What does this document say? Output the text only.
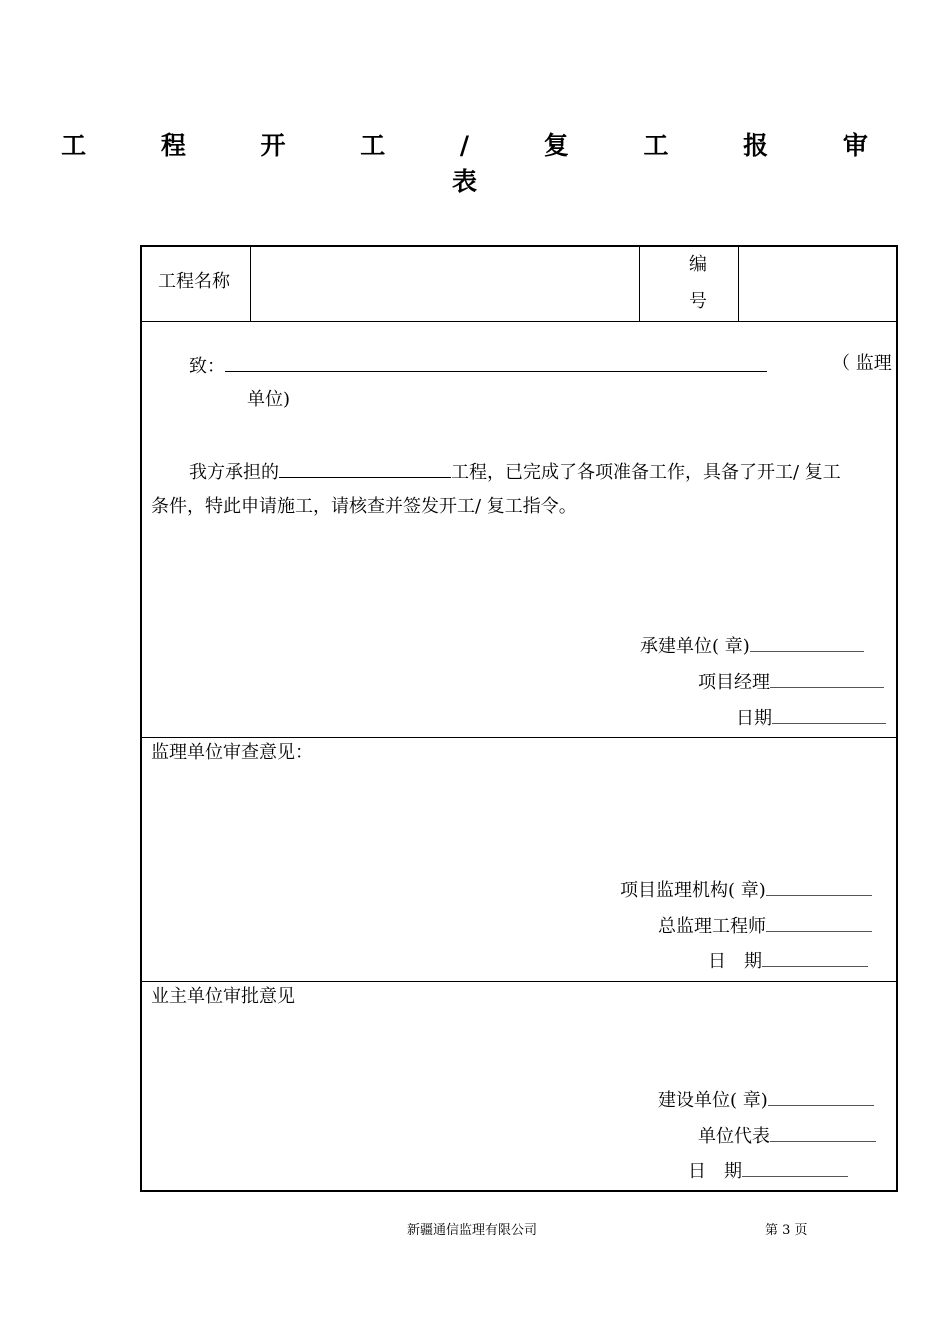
工 程 开 工 / 复 工 报 审 表
工程名称
编
号
致：	（ 监理
单位)
我方承担的	工程，已完成了各项准备工作，具备了开工/ 复工
条件，特此申请施工，请核查并签发开工/ 复工指令。
承建单位( 章)
项目经理
日期
监理单位审查意见：
项目监理机构( 章)
总监理工程师
日　期
业主单位审批意见
建设单位( 章)
单位代表
日　期
新疆通信监理有限公司	第 3 页
